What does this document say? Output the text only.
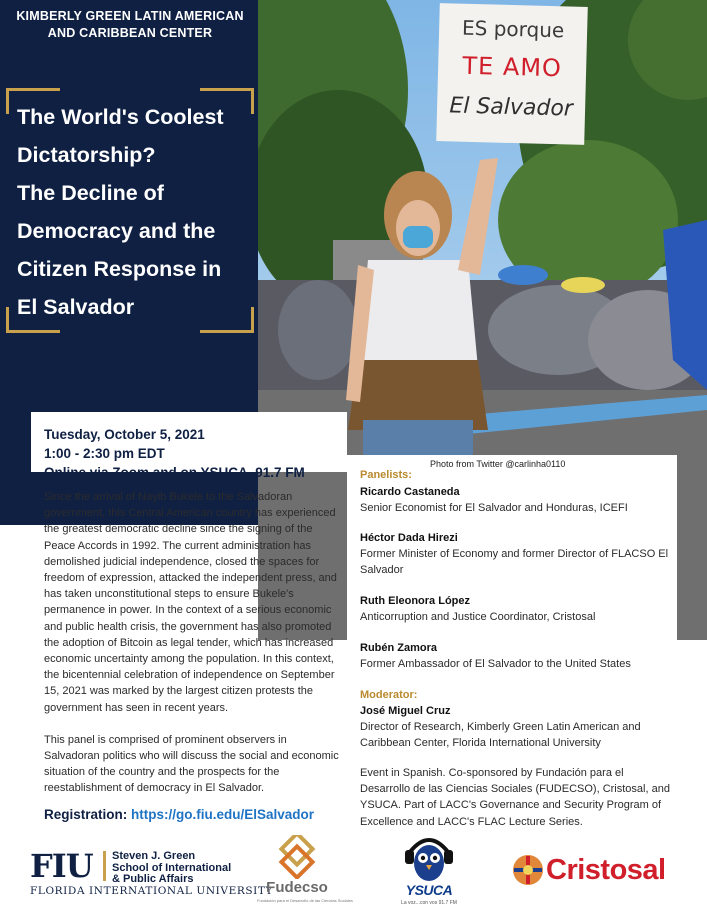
ES porque
TE AMO
El Salvador
KIMBERLY GREEN LATIN AMERICAN AND CARIBBEAN CENTER
The World's Coolest
Dictatorship?
The Decline of
Democracy and the
Citizen Response in
El Salvador
Tuesday, October 5, 2021
1:00 - 2:30 pm EDT
Online via Zoom and on YSUCA, 91.7 FM

Since the arrival of Nayib Bukele to the Salvadoran government, this Central American country has experienced the greatest democratic decline since the signing of the Peace Accords in 1992. The current administration has demolished judicial independence, closed the spaces for freedom of expression, attacked the independent press, and has taken unconstitutional steps to ensure Bukele's permanence in power. In the context of a serious economic and public health crisis, the government has also promoted the adoption of Bitcoin as legal tender, which has increased economic uncertainty among the population. In this context, the bicentennial celebration of independence on September 15, 2021 was marked by the largest citizen protests the government has seen in recent years.

This panel is comprised of prominent observers in Salvadoran politics who will discuss the social and economic situation of the country and the prospects for the reestablishment of democracy in El Salvador.

Registration: https://go.fiu.edu/ElSalvador
Photo from Twitter @carlinha0110
Panelists:
Ricardo Castaneda
Senior Economist for El Salvador and Honduras, ICEFI
Héctor Dada Hirezi
Former Minister of Economy and former Director of FLACSO El Salvador
Ruth Eleonora López
Anticorruption and Justice Coordinator, Cristosal
Rubén Zamora
Former Ambassador of El Salvador to the United States
Moderator:
José Miguel Cruz
Director of Research, Kimberly Green Latin American and Caribbean Center, Florida International University
Event in Spanish. Co-sponsored by Fundación para el Desarrollo de las Ciencias Sociales (FUDECSO), Cristosal, and YSUCA. Part of LACC's Governance and Security Program of Excellence and LACC's FLAC Lecture Series.
FIU Steven J. Green
School of International
& Public Affairs
FLORIDA INTERNATIONAL UNIVERSITY
Fudecso
Fundación para el Desarrollo de las Ciencias Sociales
YSUCA
La voz...con vos 91.7 FM
Cristosal
